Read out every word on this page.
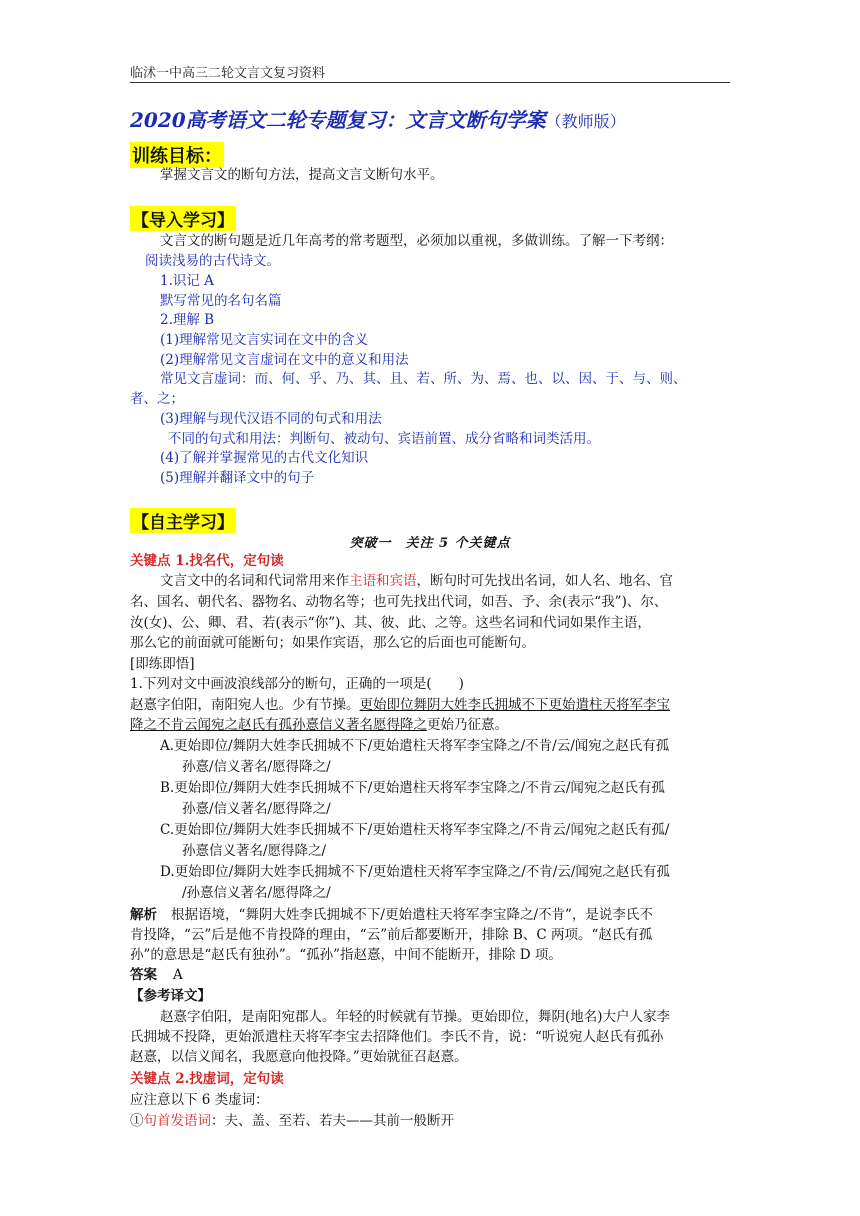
临沭一中高三二轮文言文复习资料
2020高考语文二轮专题复习：文言文断句学案（教师版）
训练目标：
掌握文言文的断句方法，提高文言文断句水平。
【导入学习】
文言文的断句题是近几年高考的常考题型，必须加以重视，多做训练。了解一下考纲：
阅读浅易的古代诗文。
1.识记 A
默写常见的名句名篇
2.理解 B
(1)理解常见文言实词在文中的含义
(2)理解常见文言虚词在文中的意义和用法
常见文言虚词：而、何、乎、乃、其、且、若、所、为、焉、也、以、因、于、与、则、
者、之；
(3)理解与现代汉语不同的句式和用法
不同的句式和用法：判断句、被动句、宾语前置、成分省略和词类活用。
(4)了解并掌握常见的古代文化知识
(5)理解并翻译文中的句子
【自主学习】
突破一　关注 5 个关键点
关键点 1.找名代，定句读
文言文中的名词和代词常用来作主语和宾语，断句时可先找出名词，如人名、地名、官
名、国名、朝代名、器物名、动物名等；也可先找出代词，如吾、予、余(表示“我”)、尔、
汝(女)、公、卿、君、若(表示“你”)、其、彼、此、之等。这些名词和代词如果作主语，
那么它的前面就可能断句；如果作宾语，那么它的后面也可能断句。
[即练即悟]
1.下列对文中画波浪线部分的断句，正确的一项是(　　)
赵憙字伯阳，南阳宛人也。少有节操。更始即位舞阴大姓李氏拥城不下更始遣柱天将军李宝
降之不肯云闻宛之赵氏有孤孙憙信义著名愿得降之更始乃征憙。
A.更始即位/舞阴大姓李氏拥城不下/更始遣柱天将军李宝降之/不肯/云/闻宛之赵氏有孤
孙憙/信义著名/愿得降之/
B.更始即位/舞阴大姓李氏拥城不下/更始遣柱天将军李宝降之/不肯云/闻宛之赵氏有孤
孙憙/信义著名/愿得降之/
C.更始即位/舞阴大姓李氏拥城不下/更始遣柱天将军李宝降之/不肯云/闻宛之赵氏有孤/
孙憙信义著名/愿得降之/
D.更始即位/舞阴大姓李氏拥城不下/更始遣柱天将军李宝降之/不肯/云/闻宛之赵氏有孤
/孙憙信义著名/愿得降之/
解析 根据语境，“舞阴大姓李氏拥城不下/更始遣柱天将军李宝降之/不肯”，是说李氏不
肯投降，“云”后是他不肯投降的理由，“云”前后都要断开，排除 B、C 两项。“赵氏有孤
孙”的意思是“赵氏有独孙”。“孤孙”指赵憙，中间不能断开，排除 D 项。
答案 A
【参考译文】
赵憙字伯阳，是南阳宛郡人。年轻的时候就有节操。更始即位，舞阴(地名)大户人家李
氏拥城不投降，更始派遣柱天将军李宝去招降他们。李氏不肯，说：“听说宛人赵氏有孤孙
赵憙，以信义闻名，我愿意向他投降。”更始就征召赵憙。
关键点 2.找虚词，定句读
应注意以下 6 类虚词：
①句首发语词：夫、盖、至若、若夫——其前一般断开
